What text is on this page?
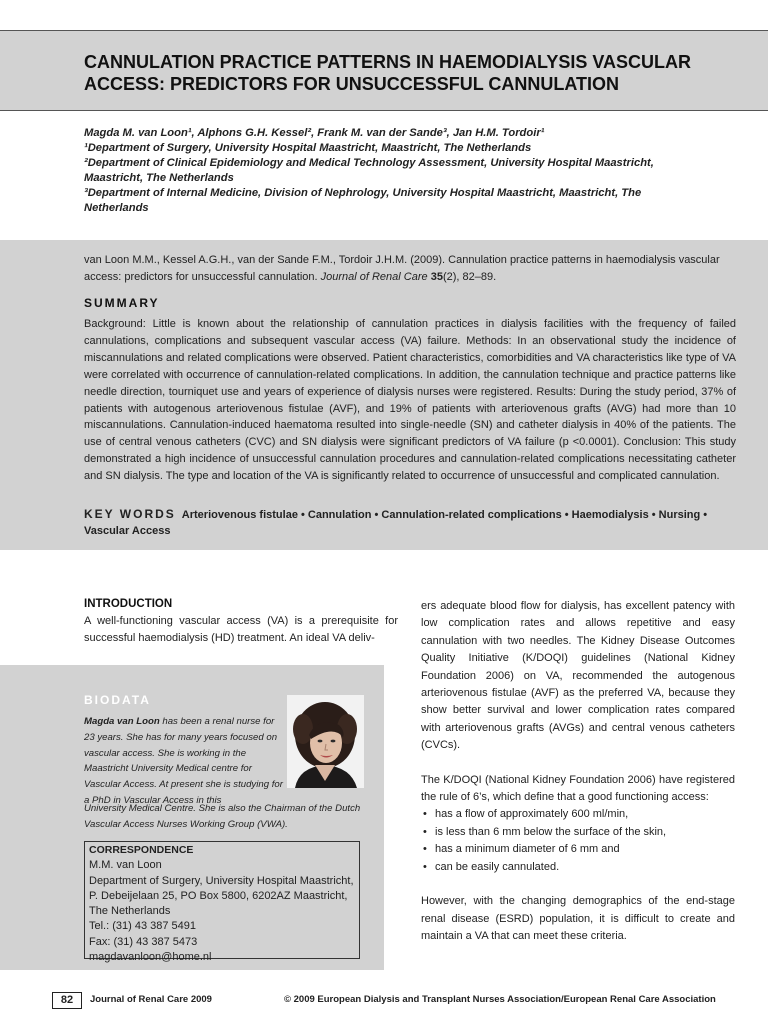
CANNULATION PRACTICE PATTERNS IN HAEMODIALYSIS VASCULAR ACCESS: PREDICTORS FOR UNSUCCESSFUL CANNULATION
Magda M. van Loon¹, Alphons G.H. Kessel², Frank M. van der Sande³, Jan H.M. Tordoir¹
¹Department of Surgery, University Hospital Maastricht, Maastricht, The Netherlands
²Department of Clinical Epidemiology and Medical Technology Assessment, University Hospital Maastricht, Maastricht, The Netherlands
³Department of Internal Medicine, Division of Nephrology, University Hospital Maastricht, Maastricht, The Netherlands
van Loon M.M., Kessel A.G.H., van der Sande F.M., Tordoir J.H.M. (2009). Cannulation practice patterns in haemodialysis vascular access: predictors for unsuccessful cannulation. Journal of Renal Care 35(2), 82–89.
SUMMARY
Background: Little is known about the relationship of cannulation practices in dialysis facilities with the frequency of failed cannulations, complications and subsequent vascular access (VA) failure. Methods: In an observational study the incidence of miscannulations and related complications were observed. Patient characteristics, comorbidities and VA characteristics like type of VA were correlated with occurrence of cannulation-related complications. In addition, the cannulation technique and practice patterns like needle direction, tourniquet use and years of experience of dialysis nurses were registered. Results: During the study period, 37% of patients with autogenous arteriovenous fistulae (AVF), and 19% of patients with arteriovenous grafts (AVG) had more than 10 miscannulations. Cannulation-induced haematoma resulted into single-needle (SN) and catheter dialysis in 40% of the patients. The use of central venous catheters (CVC) and SN dialysis were significant predictors of VA failure (p <0.0001). Conclusion: This study demonstrated a high incidence of unsuccessful cannulation procedures and cannulation-related complications necessitating catheter and SN dialysis. The type and location of the VA is significantly related to occurrence of unsuccessful and complicated cannulation.
KEY WORDS Arteriovenous fistulae • Cannulation • Cannulation-related complications • Haemodialysis • Nursing • Vascular Access
INTRODUCTION
A well-functioning vascular access (VA) is a prerequisite for successful haemodialysis (HD) treatment. An ideal VA deliv-
BIODATA
Magda van Loon has been a renal nurse for 23 years. She has for many years focused on vascular access. She is working in the Maastricht University Medical centre for Vascular Access. At present she is studying for a PhD in Vascular Access in this
University Medical Centre. She is also the Chairman of the Dutch Vascular Access Nurses Working Group (VWA).
CORRESPONDENCE
M.M. van Loon
Department of Surgery, University Hospital Maastricht,
P. Debeijelaan 25, PO Box 5800, 6202AZ Maastricht,
The Netherlands
Tel.: (31) 43 387 5491
Fax: (31) 43 387 5473
magdavanloon@home.nl
ers adequate blood flow for dialysis, has excellent patency with low complication rates and allows repetitive and easy cannulation with two needles. The Kidney Disease Outcomes Quality Initiative (K/DOQI) guidelines (National Kidney Foundation 2006) on VA, recommended the autogenous arteriovenous fistulae (AVF) as the preferred VA, because they show better survival and lower complication rates compared with arteriovenous grafts (AVGs) and central venous catheters (CVCs).
The K/DOQI (National Kidney Foundation 2006) have registered the rule of 6’s, which define that a good functioning access:
• has a flow of approximately 600 ml/min,
• is less than 6 mm below the surface of the skin,
• has a minimum diameter of 6 mm and
• can be easily cannulated.
However, with the changing demographics of the end-stage renal disease (ESRD) population, it is difficult to create and maintain a VA that can meet these criteria.
82	Journal of Renal Care 2009	© 2009 European Dialysis and Transplant Nurses Association/European Renal Care Association
